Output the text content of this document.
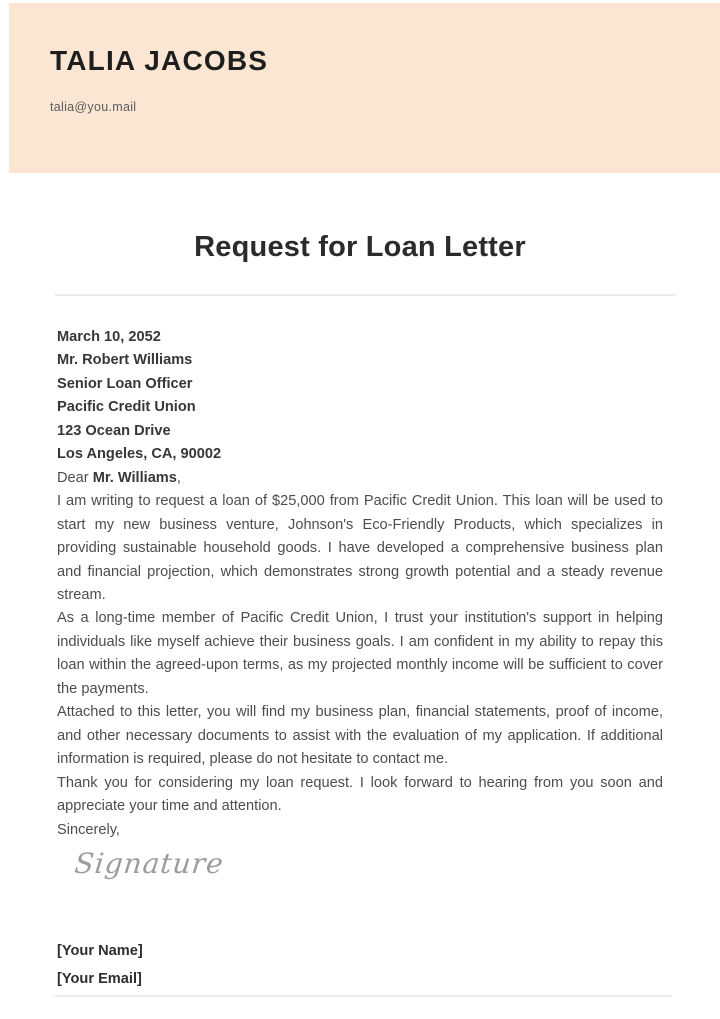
TALIA JACOBS
talia@you.mail
Request for Loan Letter

March 10, 2052

Mr. Robert Williams

Senior Loan Officer

Pacific Credit Union

123 Ocean Drive

Los Angeles, CA, 90002

Dear Mr. Williams,

I am writing to request a loan of $25,000 from Pacific Credit Union. This loan will be used to start my new business venture, Johnson's Eco-Friendly Products, which specializes in providing sustainable household goods. I have developed a comprehensive business plan and financial projection, which demonstrates strong growth potential and a steady revenue stream.

As a long-time member of Pacific Credit Union, I trust your institution's support in helping individuals like myself achieve their business goals. I am confident in my ability to repay this loan within the agreed-upon terms, as my projected monthly income will be sufficient to cover the payments.

Attached to this letter, you will find my business plan, financial statements, proof of income, and other necessary documents to assist with the evaluation of my application. If additional information is required, please do not hesitate to contact me.

Thank you for considering my loan request. I look forward to hearing from you soon and appreciate your time and attention.

Sincerely,

Signature

[Your Name]

[Your Email]
